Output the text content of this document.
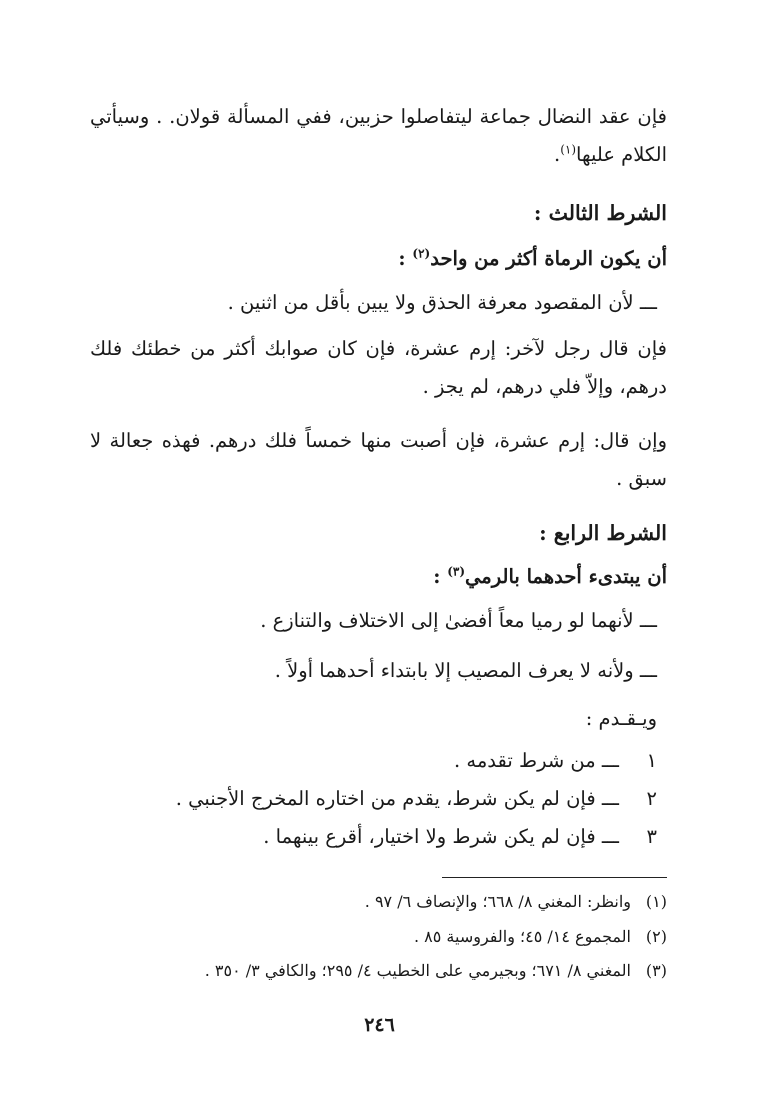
فإن عقد النضال جماعة ليتفاصلوا حزبين، ففي المسألة قولان. . وسيأتي الكلام عليها$^{(١)}$.

الشرط الثالث :

أن يكون الرماة أكثر من واحد$^{(٢)}$ :

ـــ لأن المقصود معرفة الحذق ولا يبين بأقل من اثنين .

فإن قال رجل لآخر: إرم عشرة، فإن كان صوابك أكثر من خطئك فلك درهم، وإلاّ فلي درهم، لم يجز .

وإن قال: إرم عشرة، فإن أصبت منها خمساً فلك درهم. فهذه جعالة لا سبق .

الشرط الرابع :

أن يبتدىء أحدهما بالرمي$^{(٣)}$ :

ـــ لأنهما لو رميا معاً أفضىٰ إلى الاختلاف والتنازع .

ـــ ولأنه لا يعرف المصيب إلا بابتداء أحدهما أولاً .

ويـقـدم :

١
ـــ من شرط تقدمه .
٢
ـــ فإن لم يكن شرط، يقدم من اختاره المخرج الأجنبي .
٣
ـــ فإن لم يكن شرط ولا اختيار، أقرع بينهما .
(١)وانظر: المغني ٨/ ٦٦٨؛ والإنصاف ٦/ ٩٧ .
(٢)المجموع ١٤/ ٤٥؛ والفروسية ٨٥ .
(٣)المغني ٨/ ٦٧١؛ وبجيرمي على الخطيب ٤/ ٢٩٥؛ والكافي ٣/ ٣٥٠ .
٢٤٦
